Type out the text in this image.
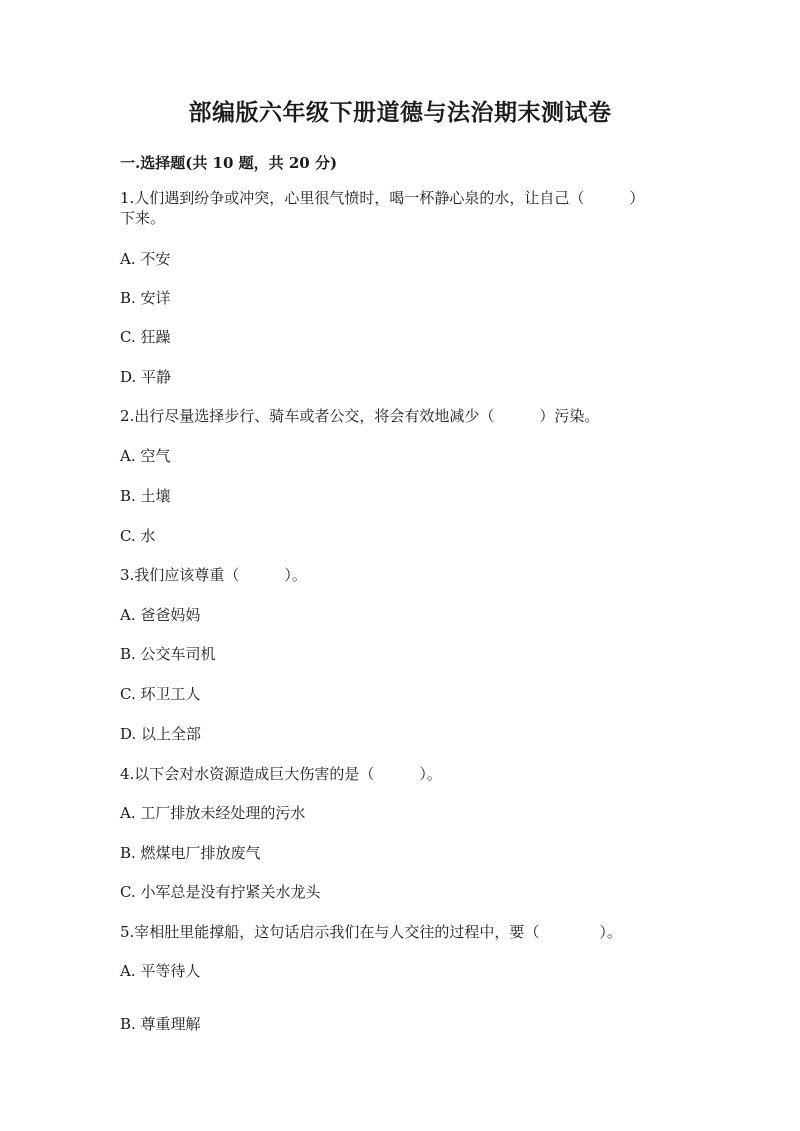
部编版六年级下册道德与法治期末测试卷
一.选择题(共 10 题，共 20 分)
1.人们遇到纷争或冲突，心里很气愤时，喝一杯静心泉的水，让自己（　　　）
下来。
A. 不安
B. 安详
C. 狂躁
D. 平静
2.出行尽量选择步行、骑车或者公交，将会有效地减少（　　　）污染。
A. 空气
B. 土壤
C. 水
3.我们应该尊重（　　　）。
A. 爸爸妈妈
B. 公交车司机
C. 环卫工人
D. 以上全部
4.以下会对水资源造成巨大伤害的是（　　　）。
A. 工厂排放未经处理的污水
B. 燃煤电厂排放废气
C. 小军总是没有拧紧关水龙头
5.宰相肚里能撑船，这句话启示我们在与人交往的过程中，要（　　　　）。
A. 平等待人
B. 尊重理解
